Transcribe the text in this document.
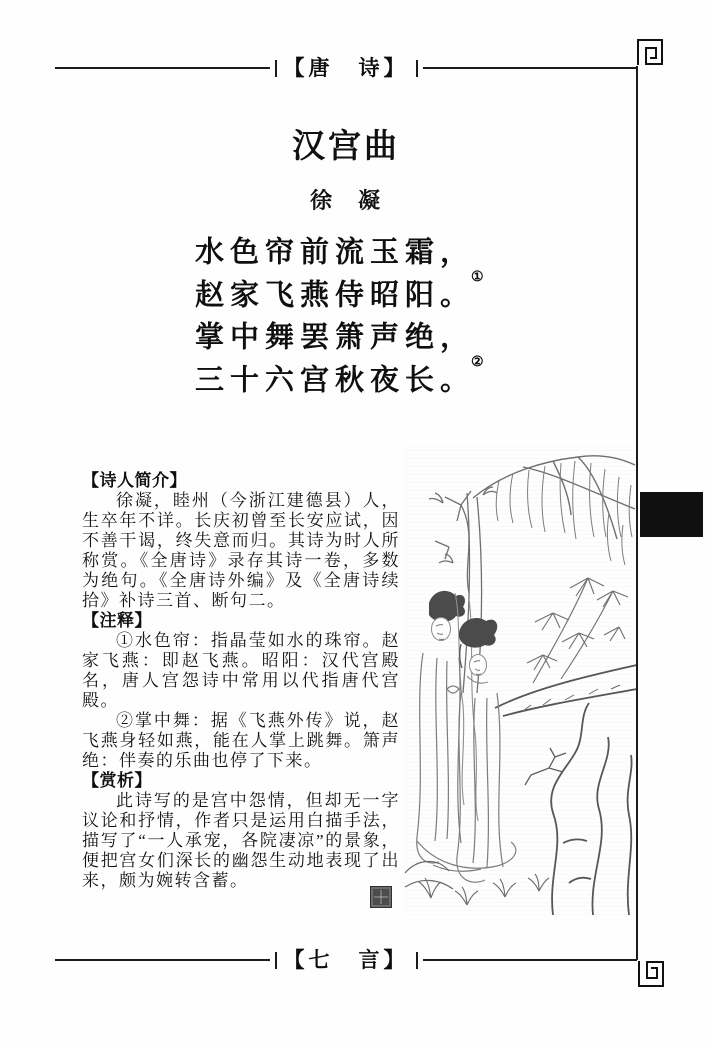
【唐　诗】
汉宫曲
徐　凝
水色帘前流玉霜，
赵家飞燕侍昭阳。①
掌中舞罢箫声绝，
三十六宫秋夜长。②
【诗人简介】

徐凝，睦州（今浙江建德县）人，生卒年不详。长庆初曾至长安应试，因不善干谒，终失意而归。其诗为时人所称赏。《全唐诗》录存其诗一卷，多数为绝句。《全唐诗外编》及《全唐诗续拾》补诗三首、断句二。

【注释】

①水色帘：指晶莹如水的珠帘。赵家飞燕：即赵飞燕。昭阳：汉代宫殿名，唐人宫怨诗中常用以代指唐代宫殿。

②掌中舞：据《飞燕外传》说，赵飞燕身轻如燕，能在人掌上跳舞。箫声绝：伴奏的乐曲也停了下来。

【赏析】

此诗写的是宫中怨情，但却无一字议论和抒情，作者只是运用白描手法，描写了“一人承宠，各院凄凉”的景象，便把宫女们深长的幽怨生动地表现了出来，颇为婉转含蓄。

【七　言】
